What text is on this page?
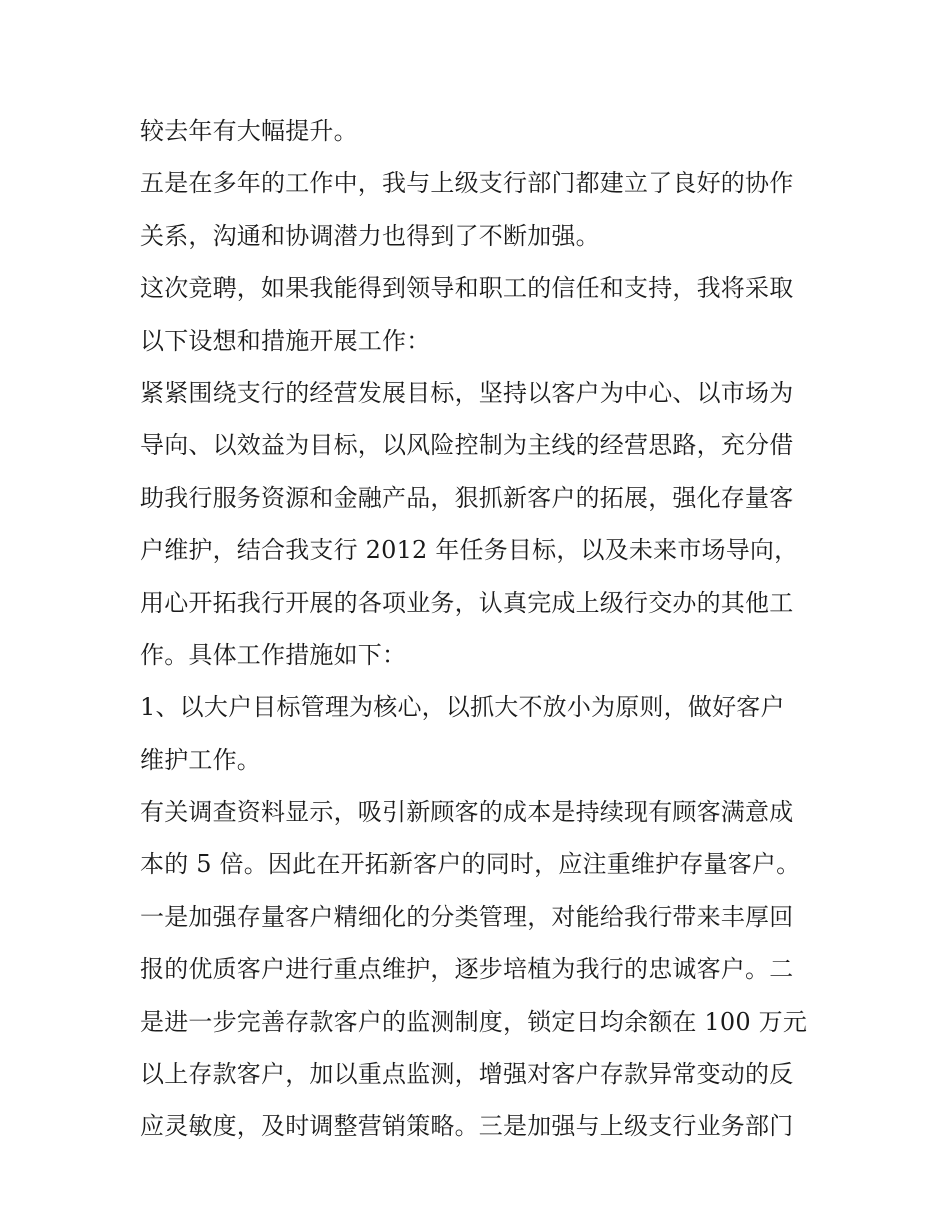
较去年有大幅提升。
五是在多年的工作中，我与上级支行部门都建立了良好的协作
关系，沟通和协调潜力也得到了不断加强。
这次竞聘，如果我能得到领导和职工的信任和支持，我将采取
以下设想和措施开展工作：
紧紧围绕支行的经营发展目标，坚持以客户为中心、以市场为
导向、以效益为目标，以风险控制为主线的经营思路，充分借
助我行服务资源和金融产品，狠抓新客户的拓展，强化存量客
户维护，结合我支行 2012 年任务目标，以及未来市场导向，
用心开拓我行开展的各项业务，认真完成上级行交办的其他工
作。具体工作措施如下：
1、以大户目标管理为核心，以抓大不放小为原则，做好客户
维护工作。
有关调查资料显示，吸引新顾客的成本是持续现有顾客满意成
本的 5 倍。因此在开拓新客户的同时，应注重维护存量客户。
一是加强存量客户精细化的分类管理，对能给我行带来丰厚回
报的优质客户进行重点维护，逐步培植为我行的忠诚客户。二
是进一步完善存款客户的监测制度，锁定日均余额在 100 万元
以上存款客户，加以重点监测，增强对客户存款异常变动的反
应灵敏度，及时调整营销策略。三是加强与上级支行业务部门
